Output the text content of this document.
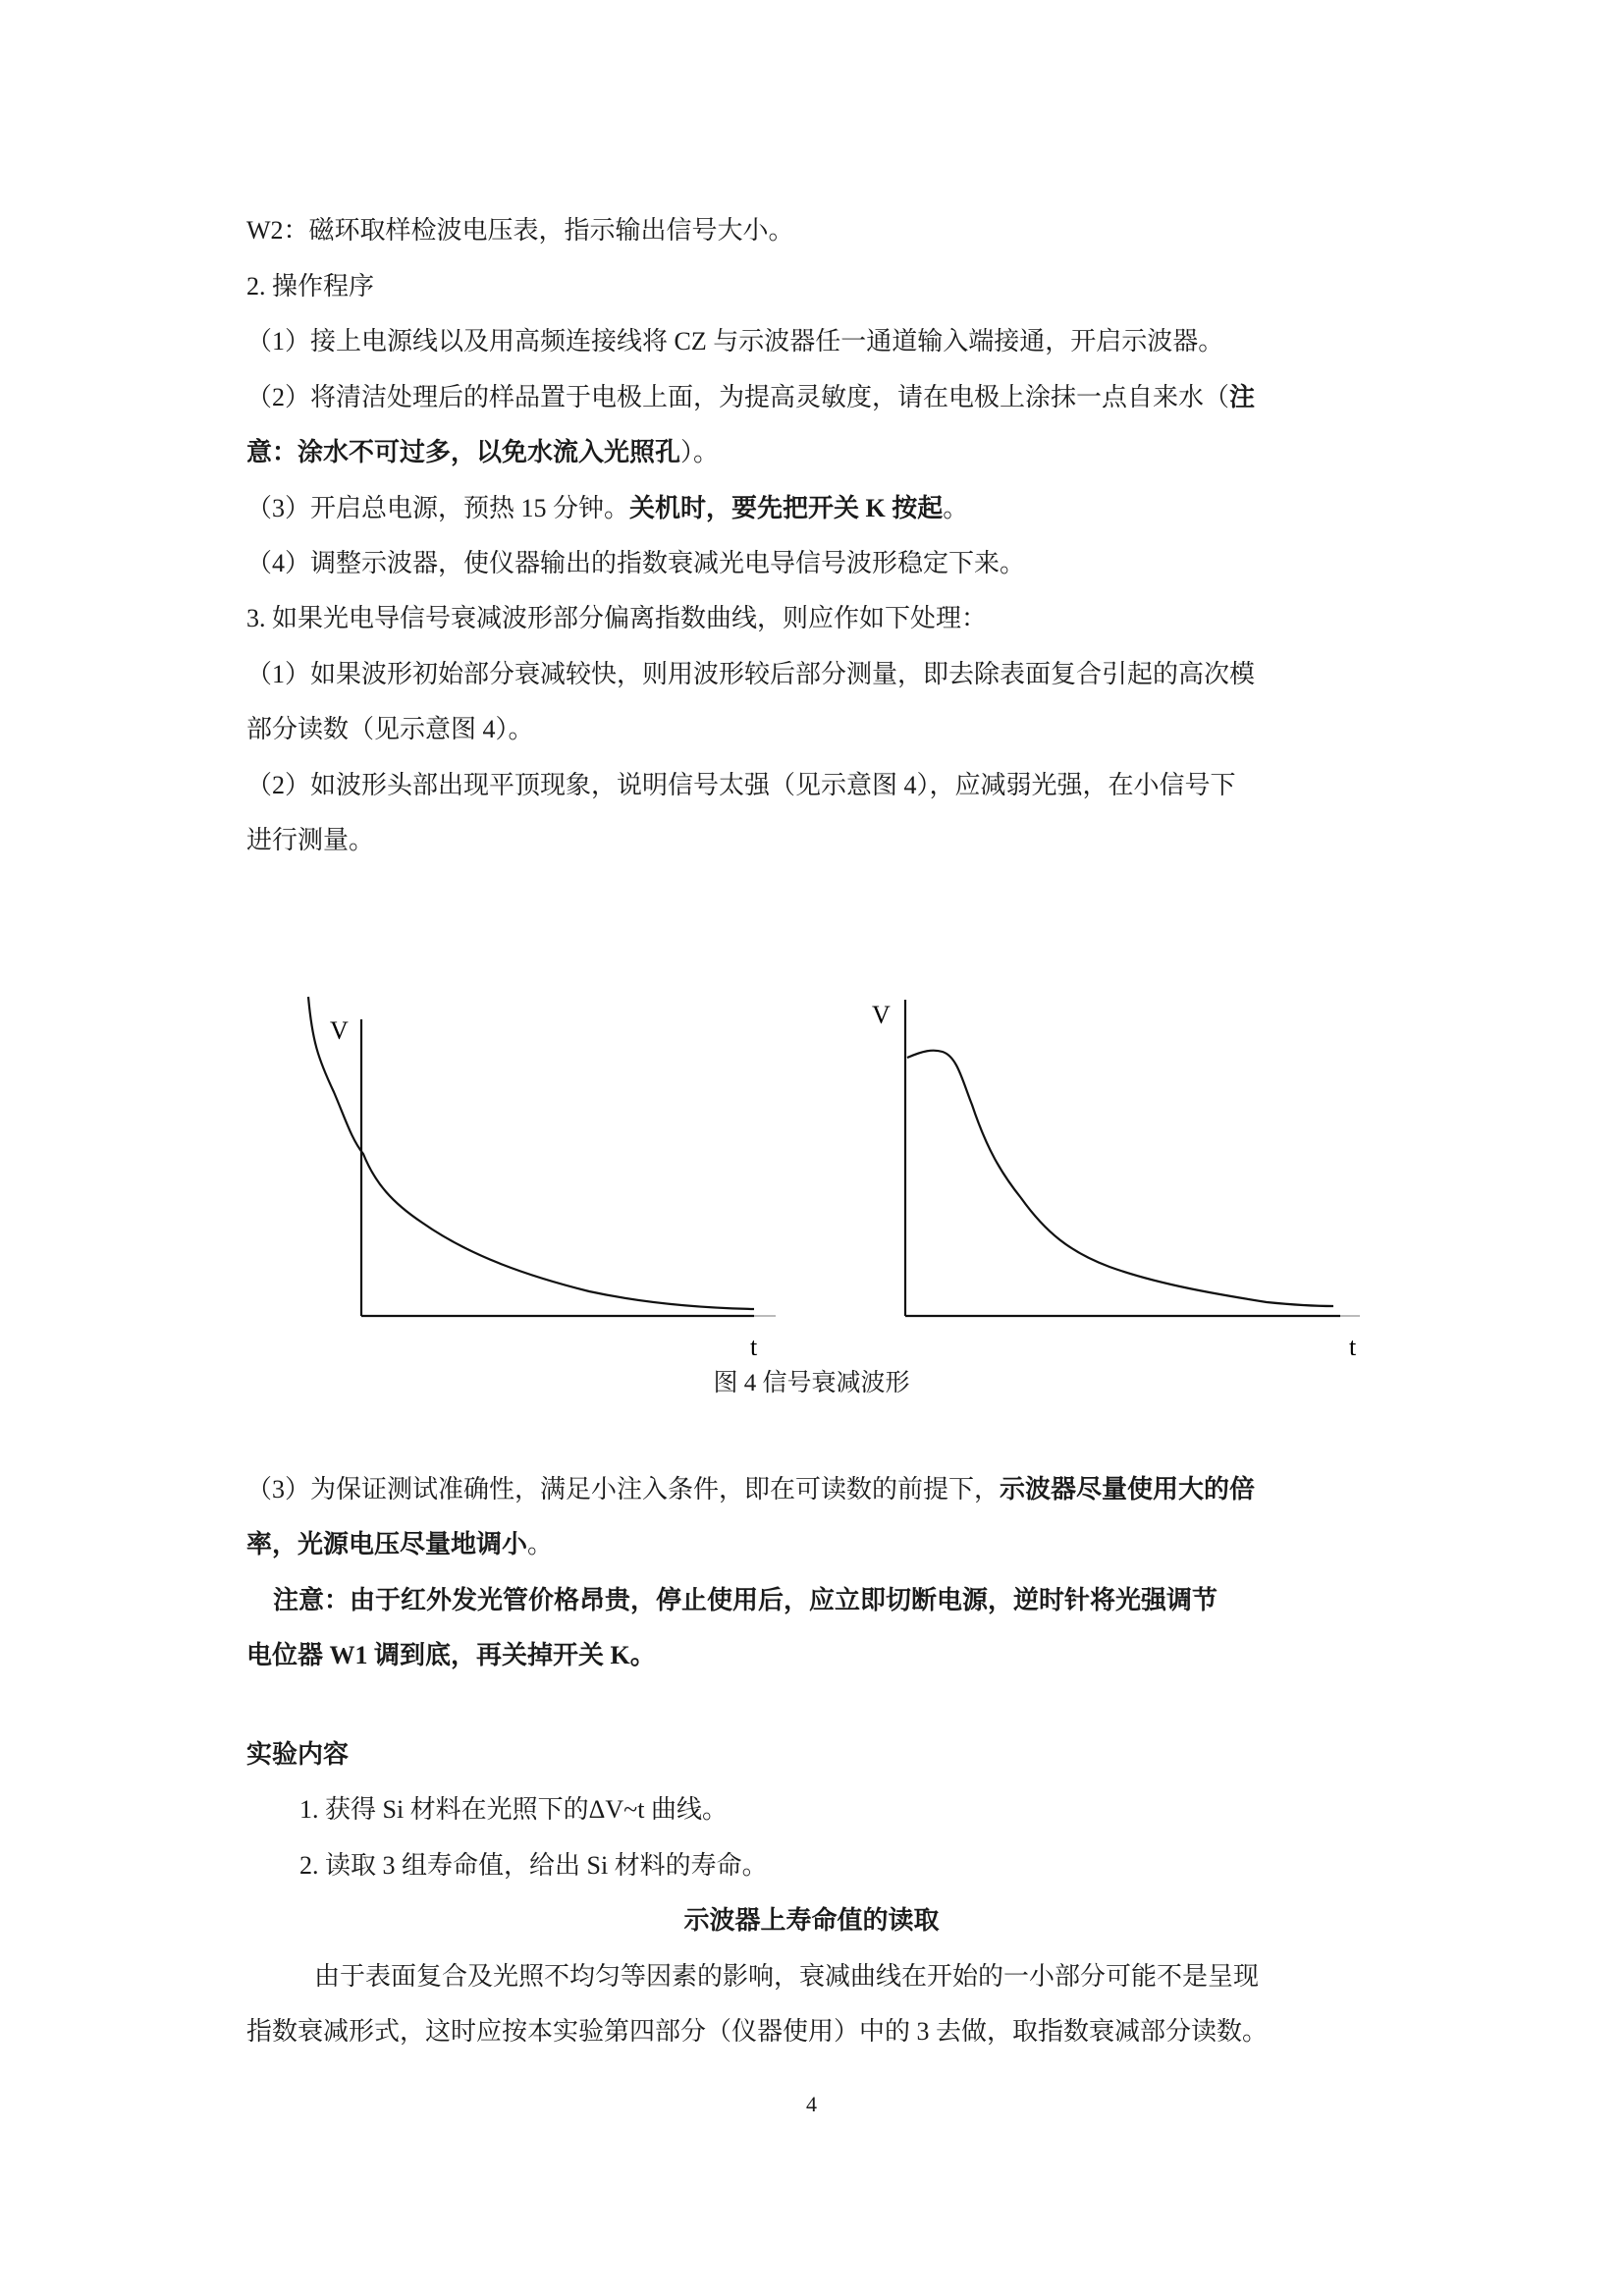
W2：磁环取样检波电压表，指示输出信号大小。
2. 操作程序
（1）接上电源线以及用高频连接线将 CZ 与示波器任一通道输入端接通，开启示波器。
（2）将清洁处理后的样品置于电极上面，为提高灵敏度，请在电极上涂抹一点自来水（注
意：涂水不可过多，以免水流入光照孔）。
（3）开启总电源，预热 15 分钟。关机时，要先把开关 K 按起。
（4）调整示波器，使仪器输出的指数衰减光电导信号波形稳定下来。
3. 如果光电导信号衰减波形部分偏离指数曲线，则应作如下处理：
（1）如果波形初始部分衰减较快，则用波形较后部分测量，即去除表面复合引起的高次模
部分读数（见示意图 4）。
（2）如波形头部出现平顶现象，说明信号太强（见示意图 4），应减弱光强，在小信号下
进行测量。
V
t
V
t
图 4 信号衰减波形
（3）为保证测试准确性，满足小注入条件，即在可读数的前提下，示波器尽量使用大的倍
率，光源电压尽量地调小。
注意：由于红外发光管价格昂贵，停止使用后，应立即切断电源，逆时针将光强调节
电位器 W1 调到底，再关掉开关 K。
实验内容
1. 获得 Si 材料在光照下的ΔV~t 曲线。
2. 读取 3 组寿命值，给出 Si 材料的寿命。
示波器上寿命值的读取
由于表面复合及光照不均匀等因素的影响，衰减曲线在开始的一小部分可能不是呈现
指数衰减形式，这时应按本实验第四部分（仪器使用）中的 3 去做，取指数衰减部分读数。
4
